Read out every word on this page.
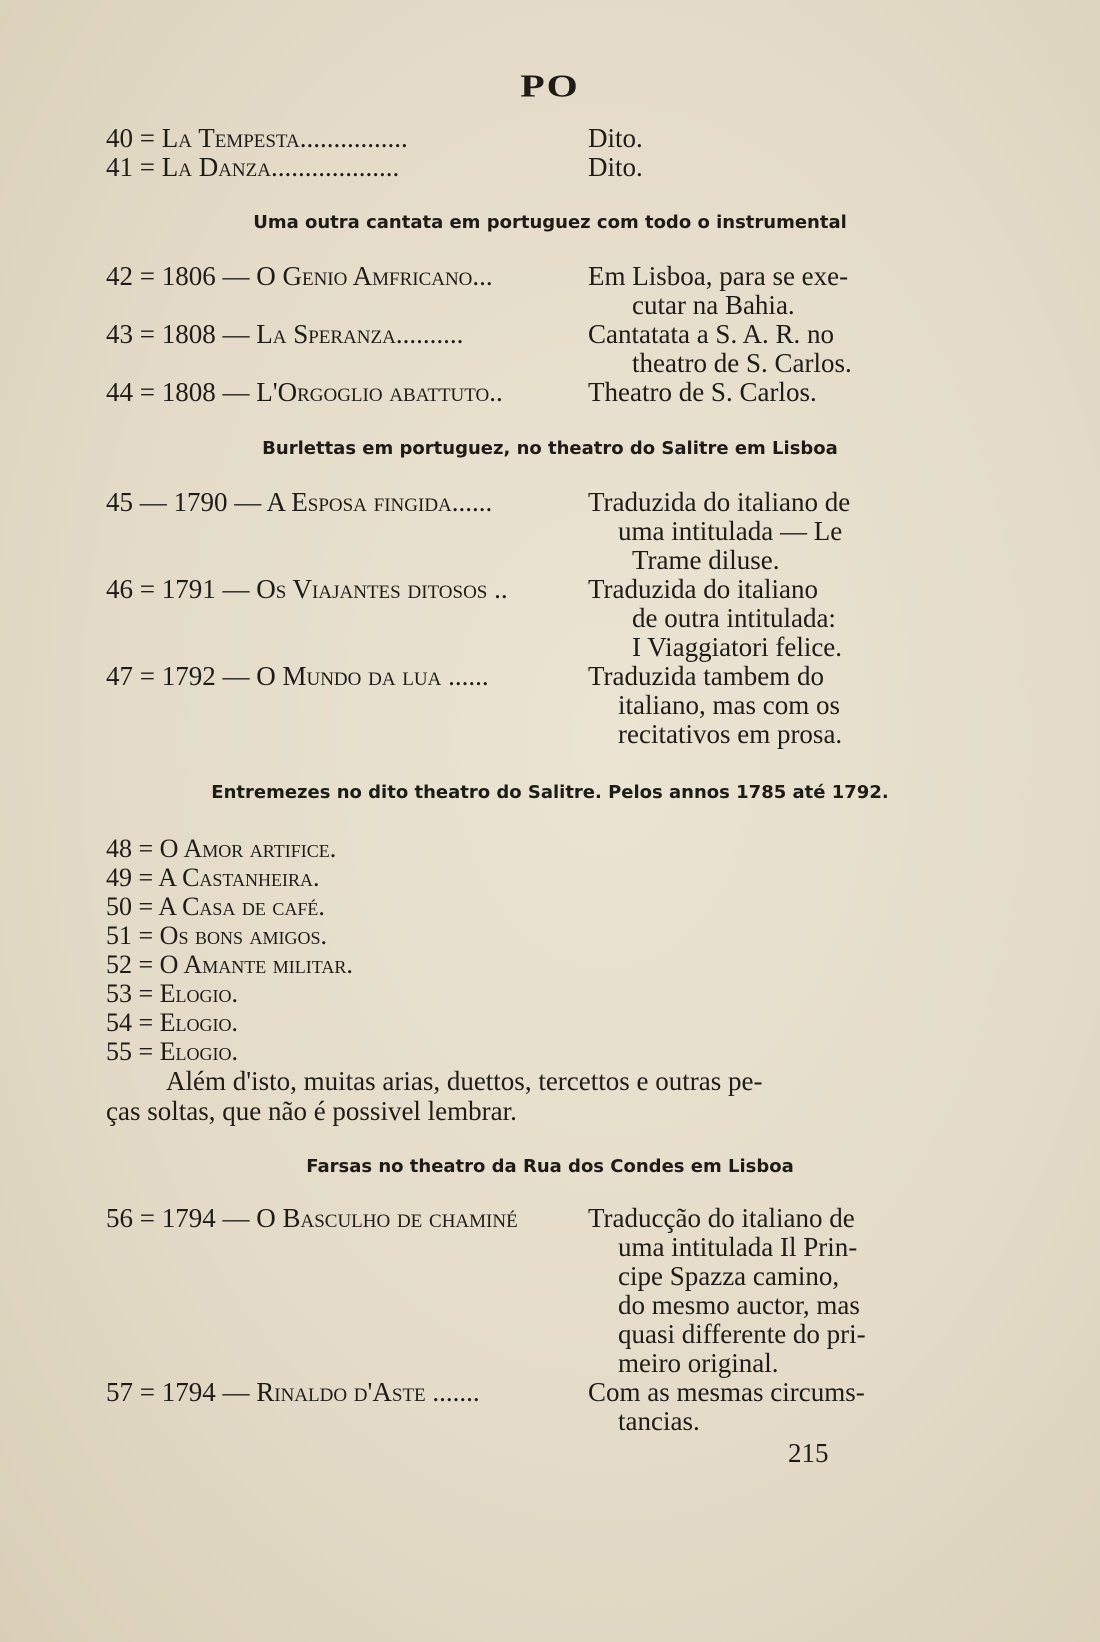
PO
40 = La Tempesta................	Dito.
41 = La Danza...................	Dito.
Uma outra cantata em portuguez com todo o instrumental
42 = 1806 — O Genio Amfricano...	Em Lisboa, para se exe-
cutar na Bahia.
43 = 1808 — La Speranza..........	Cantatata a S. A. R. no
theatro de S. Carlos.
44 = 1808 — L'Orgoglio abattuto..	Theatro de S. Carlos.
Burlettas em portuguez, no theatro do Salitre em Lisboa
45 — 1790 — A Esposa fingida......	Traduzida do italiano de
uma intitulada — Le
Trame diluse.
46 = 1791 — Os Viajantes ditosos ..	Traduzida do italiano
de outra intitulada:
I Viaggiatori felice.
47 = 1792 — O Mundo da lua ......	Traduzida tambem do
italiano, mas com os
recitativos em prosa.
Entremezes no dito theatro do Salitre. Pelos annos 1785 até 1792.
48 = O Amor artifice.
49 = A Castanheira.
50 = A Casa de café.
51 = Os bons amigos.
52 = O Amante militar.
53 = Elogio.
54 = Elogio.
55 = Elogio.
Além d'isto, muitas arias, duettos, tercettos e outras pe-
ças soltas, que não é possivel lembrar.
Farsas no theatro da Rua dos Condes em Lisboa
56 = 1794 — O Basculho de chaminé	Traducção do italiano de
uma intitulada Il Prin-
cipe Spazza camino,
do mesmo auctor, mas
quasi differente do pri-
meiro original.
57 = 1794 — Rinaldo d'Aste .......	Com as mesmas circums-
tancias.
215
